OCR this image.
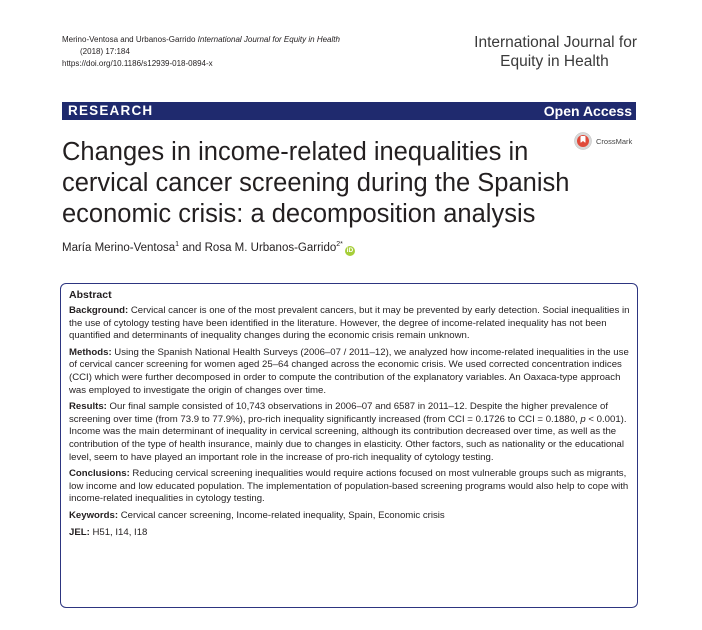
Merino-Ventosa and Urbanos-Garrido International Journal for Equity in Health
(2018) 17:184
https://doi.org/10.1186/s12939-018-0894-x
International Journal for
Equity in Health
RESEARCH	Open Access
CrossMark
Changes in income-related inequalities in cervical cancer screening during the Spanish economic crisis: a decomposition analysis
María Merino-Ventosa$^1$ and Rosa M. Urbanos-Garrido$^{2*}$iD

Abstract

Background: Cervical cancer is one of the most prevalent cancers, but it may be prevented by early detection. Social inequalities in the use of cytology testing have been identified in the literature. However, the degree of income-related inequality has not been quantified and determinants of inequality changes during the economic crisis remain unknown.

Methods: Using the Spanish National Health Surveys (2006–07 / 2011–12), we analyzed how income-related inequalities in the use of cervical cancer screening for women aged 25–64 changed across the economic crisis. We used corrected concentration indices (CCI) which were further decomposed in order to compute the contribution of the explanatory variables. An Oaxaca-type approach was employed to investigate the origin of changes over time.

Results: Our final sample consisted of 10,743 observations in 2006–07 and 6587 in 2011–12. Despite the higher prevalence of screening over time (from 73.9 to 77.9%), pro-rich inequality significantly increased (from CCI = 0.1726 to CCI = 0.1880, p < 0.001). Income was the main determinant of inequality in cervical screening, although its contribution decreased over time, as well as the contribution of the type of health insurance, mainly due to changes in elasticity. Other factors, such as nationality or the educational level, seem to have played an important role in the increase of pro-rich inequality of cytology testing.

Conclusions: Reducing cervical screening inequalities would require actions focused on most vulnerable groups such as migrants, low income and low educated population. The implementation of population-based screening programs would also help to cope with income-related inequalities in cytology testing.

Keywords: Cervical cancer screening, Income-related inequality, Spain, Economic crisis

JEL: H51, I14, I18
